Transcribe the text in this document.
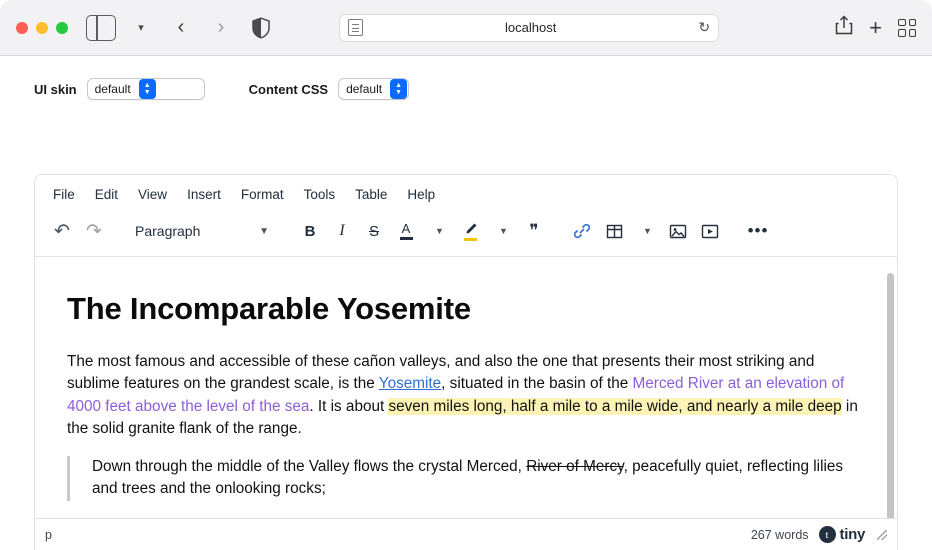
▾ ‹ ›	localhost	↻	+
UI skin default	▲
▼	Content CSS default	▲
▼
File	Edit	View	Insert	Format	Tools	Table	Help
↶ ↷	Paragraph	▼ B I S A	▼	▼	❞	▼	•••
The Incomparable Yosemite

The most famous and accessible of these cañon valleys, and also the one that presents their most striking and sublime features on the grandest scale, is the Yosemite, situated in the basin of the Merced River at an elevation of 4000 feet above the level of the sea. It is about seven miles long, half a mile to a mile wide, and nearly a mile deep in the solid granite flank of the range.

Down through the middle of the Valley flows the crystal Merced, River of Mercy, peacefully quiet, reflecting lilies and trees and the onlooking rocks;

p	267 words	t tiny
